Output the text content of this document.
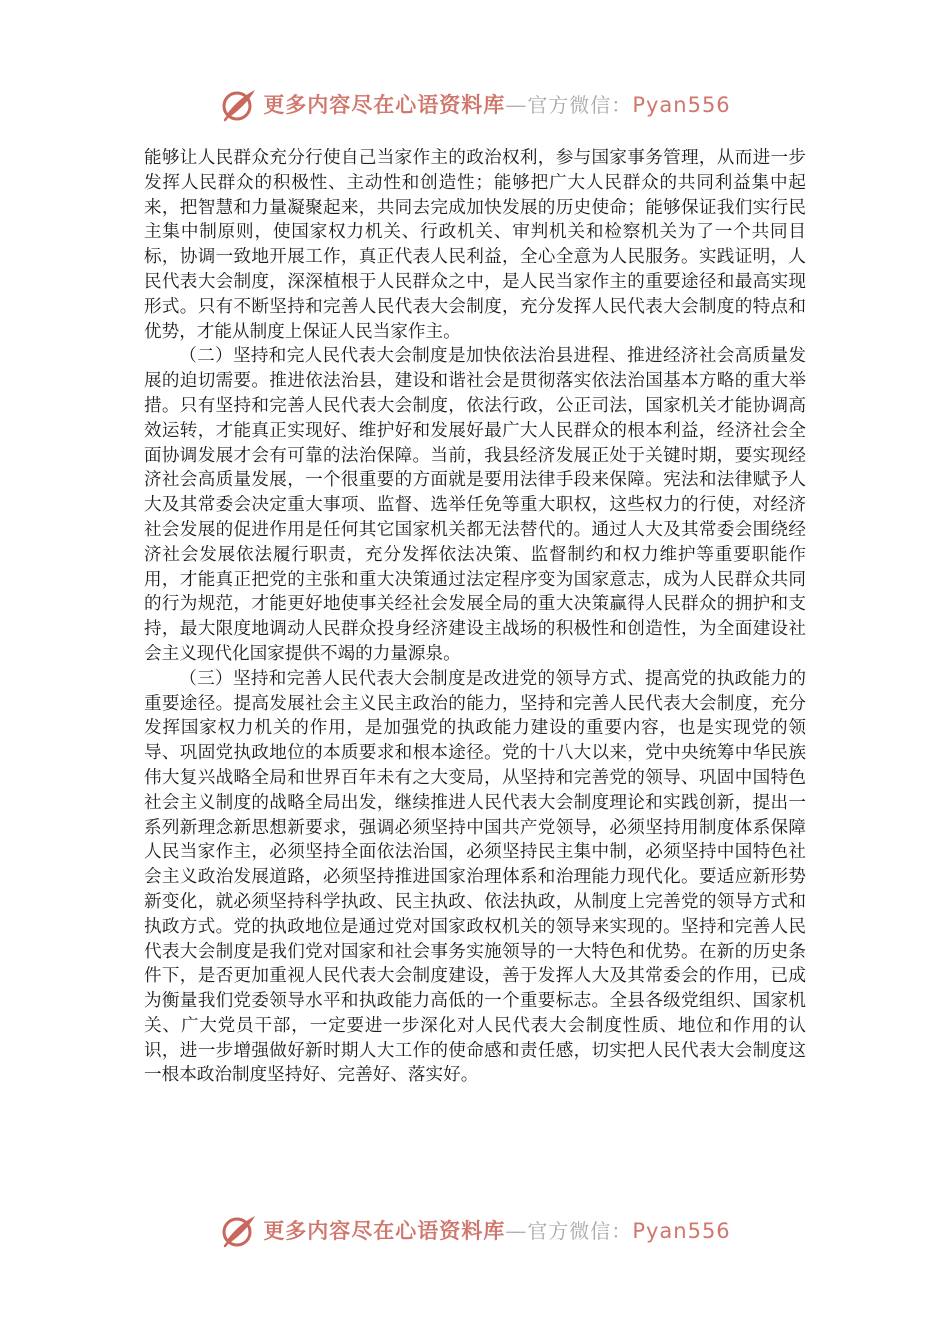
更多内容尽在心语资料库—官方微信：Pyan556

能够让人民群众充分行使自己当家作主的政治权利，参与国家事务管理，从而进一步发挥人民群众的积极性、主动性和创造性；能够把广大人民群众的共同利益集中起来，把智慧和力量凝聚起来，共同去完成加快发展的历史使命；能够保证我们实行民主集中制原则，使国家权力机关、行政机关、审判机关和检察机关为了一个共同目标，协调一致地开展工作，真正代表人民利益，全心全意为人民服务。实践证明，人民代表大会制度，深深植根于人民群众之中，是人民当家作主的重要途径和最高实现形式。只有不断坚持和完善人民代表大会制度，充分发挥人民代表大会制度的特点和优势，才能从制度上保证人民当家作主。

（二）坚持和完人民代表大会制度是加快依法治县进程、推进经济社会高质量发展的迫切需要。推进依法治县，建设和谐社会是贯彻落实依法治国基本方略的重大举措。只有坚持和完善人民代表大会制度，依法行政，公正司法，国家机关才能协调高效运转，才能真正实现好、维护好和发展好最广大人民群众的根本利益，经济社会全面协调发展才会有可靠的法治保障。当前，我县经济发展正处于关键时期，要实现经济社会高质量发展，一个很重要的方面就是要用法律手段来保障。宪法和法律赋予人大及其常委会决定重大事项、监督、选举任免等重大职权，这些权力的行使，对经济社会发展的促进作用是任何其它国家机关都无法替代的。通过人大及其常委会围绕经济社会发展依法履行职责，充分发挥依法决策、监督制约和权力维护等重要职能作用，才能真正把党的主张和重大决策通过法定程序变为国家意志，成为人民群众共同的行为规范，才能更好地使事关经社会发展全局的重大决策赢得人民群众的拥护和支持，最大限度地调动人民群众投身经济建设主战场的积极性和创造性，为全面建设社会主义现代化国家提供不竭的力量源泉。

（三）坚持和完善人民代表大会制度是改进党的领导方式、提高党的执政能力的重要途径。提高发展社会主义民主政治的能力，坚持和完善人民代表大会制度，充分发挥国家权力机关的作用，是加强党的执政能力建设的重要内容，也是实现党的领导、巩固党执政地位的本质要求和根本途径。党的十八大以来，党中央统筹中华民族伟大复兴战略全局和世界百年未有之大变局，从坚持和完善党的领导、巩固中国特色社会主义制度的战略全局出发，继续推进人民代表大会制度理论和实践创新，提出一系列新理念新思想新要求，强调必须坚持中国共产党领导，必须坚持用制度体系保障人民当家作主，必须坚持全面依法治国，必须坚持民主集中制，必须坚持中国特色社会主义政治发展道路，必须坚持推进国家治理体系和治理能力现代化。要适应新形势新变化，就必须坚持科学执政、民主执政、依法执政，从制度上完善党的领导方式和执政方式。党的执政地位是通过党对国家政权机关的领导来实现的。坚持和完善人民代表大会制度是我们党对国家和社会事务实施领导的一大特色和优势。在新的历史条件下，是否更加重视人民代表大会制度建设，善于发挥人大及其常委会的作用，已成为衡量我们党委领导水平和执政能力高低的一个重要标志。全县各级党组织、国家机关、广大党员干部，一定要进一步深化对人民代表大会制度性质、地位和作用的认识，进一步增强做好新时期人大工作的使命感和责任感，切实把人民代表大会制度这一根本政治制度坚持好、完善好、落实好。

更多内容尽在心语资料库—官方微信：Pyan556
